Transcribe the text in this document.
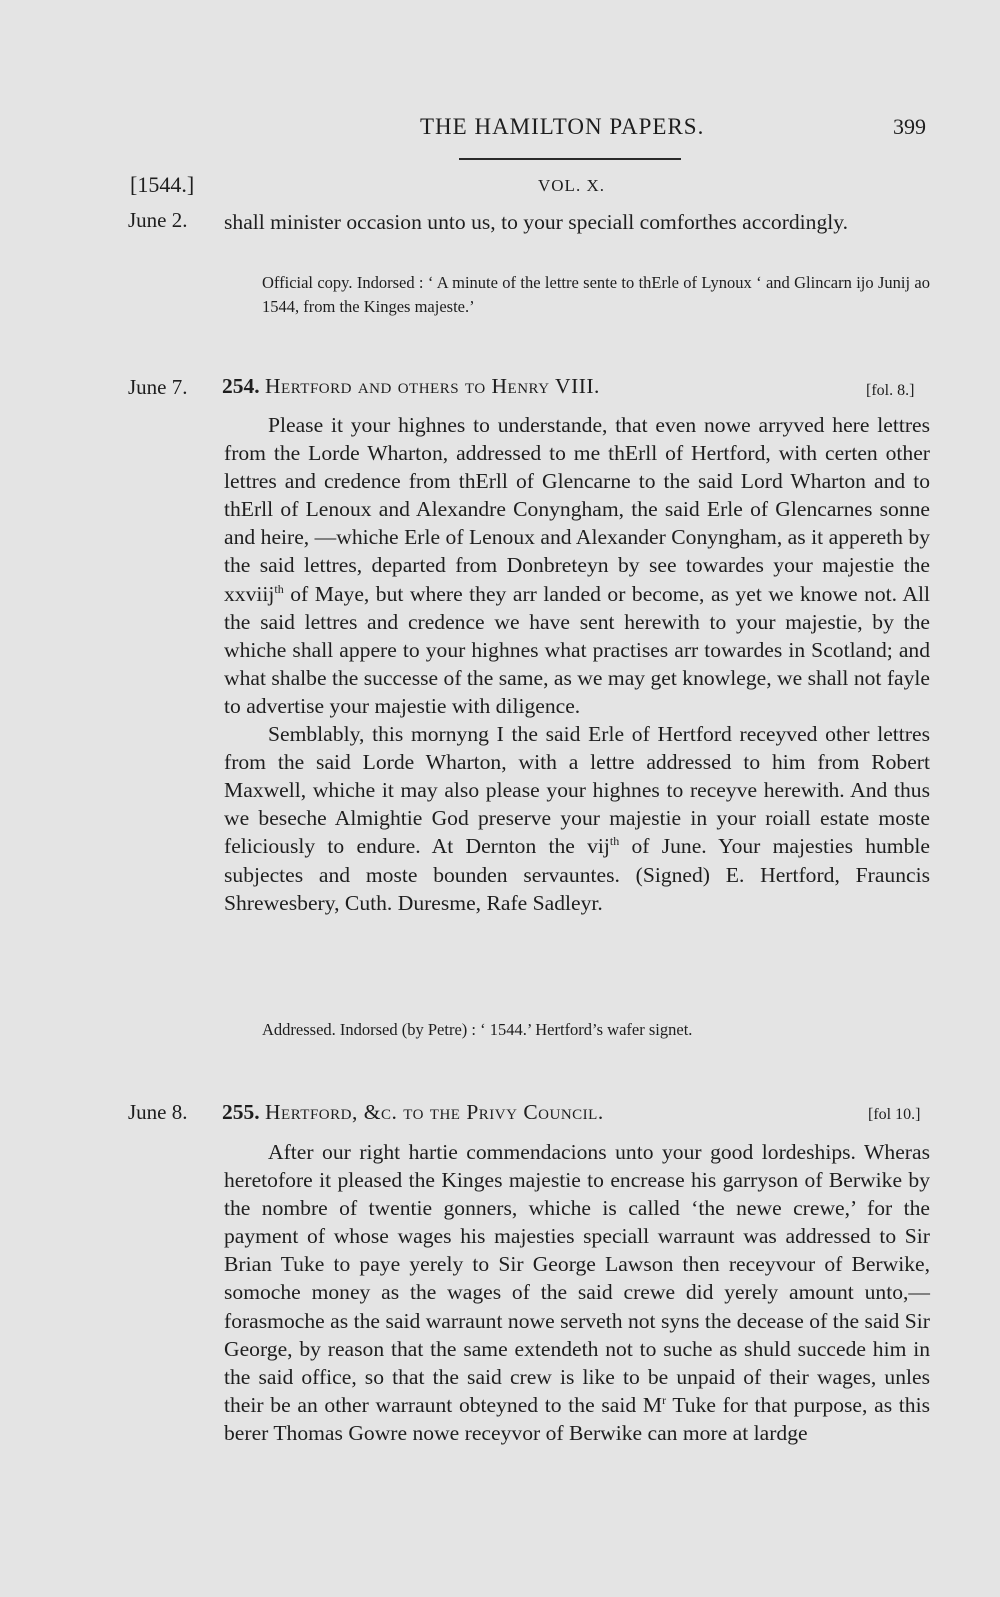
THE HAMILTON PAPERS.	399
[1544.]	VOL. X.
June 2.	shall minister occasion unto us, to your speciall comforthes accordingly.

Official copy. Indorsed : ‘ A minute of the lettre sente to thErle of Lynoux ‘ and Glincarn ijo Junij ao 1544, from the Kinges majeste.’
June 7.	254. Hertford and others to Henry VIII.	[fol. 8.]

Please it your highnes to understande, that even nowe arryved here lettres from the Lorde Wharton, addressed to me thErll of Hertford, with certen other lettres and credence from thErll of Glencarne to the said Lord Wharton and to thErll of Lenoux and Alexandre Conyngham, the said Erle of Glencarnes sonne and heire, —whiche Erle of Lenoux and Alexander Conyngham, as it appereth by the said lettres, departed from Donbreteyn by see towardes your majestie the xxviij$^{th}$ of Maye, but where they arr landed or become, as yet we knowe not. All the said lettres and credence we have sent herewith to your majestie, by the whiche shall appere to your highnes what practises arr towardes in Scotland; and what shalbe the successe of the same, as we may get knowlege, we shall not fayle to advertise your majestie with diligence.

Semblably, this mornyng I the said Erle of Hertford receyved other lettres from the said Lorde Wharton, with a lettre addressed to him from Robert Maxwell, whiche it may also please your highnes to receyve herewith. And thus we beseche Almightie God preserve your majestie in your roiall estate moste feliciously to endure. At Dernton the vij$^{th}$ of June. Your majesties humble subjectes and moste bounden servauntes. (Signed) E. Hertford, Frauncis Shrewesbery, Cuth. Duresme, Rafe Sadleyr.

Addressed. Indorsed (by Petre) : ‘ 1544.’ Hertford’s wafer signet.
June 8.	255. Hertford, &c. to the Privy Council.	[fol 10.]

After our right hartie commendacions unto your good lordeships. Wheras heretofore it pleased the Kinges majestie to encrease his garryson of Berwike by the nombre of twentie gonners, whiche is called ‘the newe crewe,’ for the payment of whose wages his majesties speciall warraunt was addressed to Sir Brian Tuke to paye yerely to Sir George Lawson then receyvour of Berwike, somoche money as the wages of the said crewe did yerely amount unto,—forasmoche as the said warraunt nowe serveth not syns the decease of the said Sir George, by reason that the same extendeth not to suche as shuld succede him in the said office, so that the said crew is like to be unpaid of their wages, unles their be an other warraunt obteyned to the said $M^r$ Tuke for that purpose, as this berer Thomas Gowre nowe receyvor of Berwike can more at lardge
